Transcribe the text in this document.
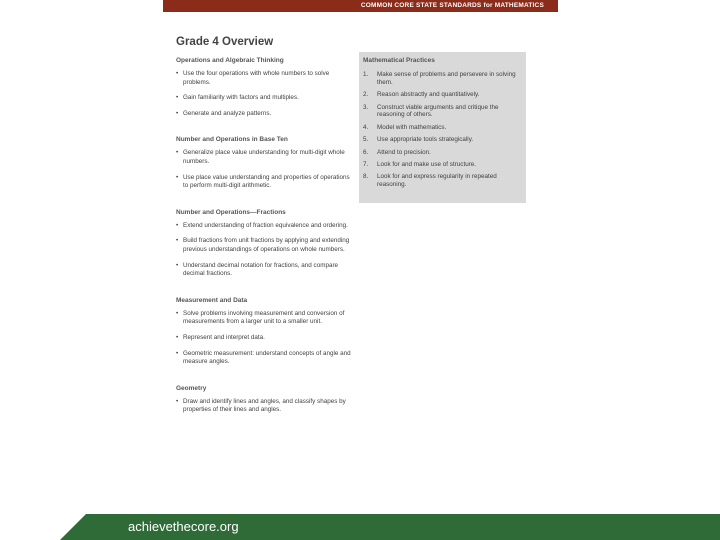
COMMON CORE STATE STANDARDS for MATHEMATICS
Grade 4 Overview
Operations and Algebraic Thinking
• Use the four operations with whole numbers to solve problems.
• Gain familiarity with factors and multiples.
• Generate and analyze patterns.
Number and Operations in Base Ten
• Generalize place value understanding for multi-digit whole numbers.
• Use place value understanding and properties of operations to perform multi-digit arithmetic.
Number and Operations—Fractions
• Extend understanding of fraction equivalence and ordering.
• Build fractions from unit fractions by applying and extending previous understandings of operations on whole numbers.
• Understand decimal notation for fractions, and compare decimal fractions.
Measurement and Data
• Solve problems involving measurement and conversion of measurements from a larger unit to a smaller unit.
• Represent and interpret data.
• Geometric measurement: understand concepts of angle and measure angles.
Geometry
• Draw and identify lines and angles, and classify shapes by properties of their lines and angles.
Mathematical Practices
1.	Make sense of problems and persevere in solving them.
2.	Reason abstractly and quantitatively.
3.	Construct viable arguments and critique the reasoning of others.
4.	Model with mathematics.
5.	Use appropriate tools strategically.
6.	Attend to precision.
7.	Look for and make use of structure.
8.	Look for and express regularity in repeated reasoning.
achievethecore.org
